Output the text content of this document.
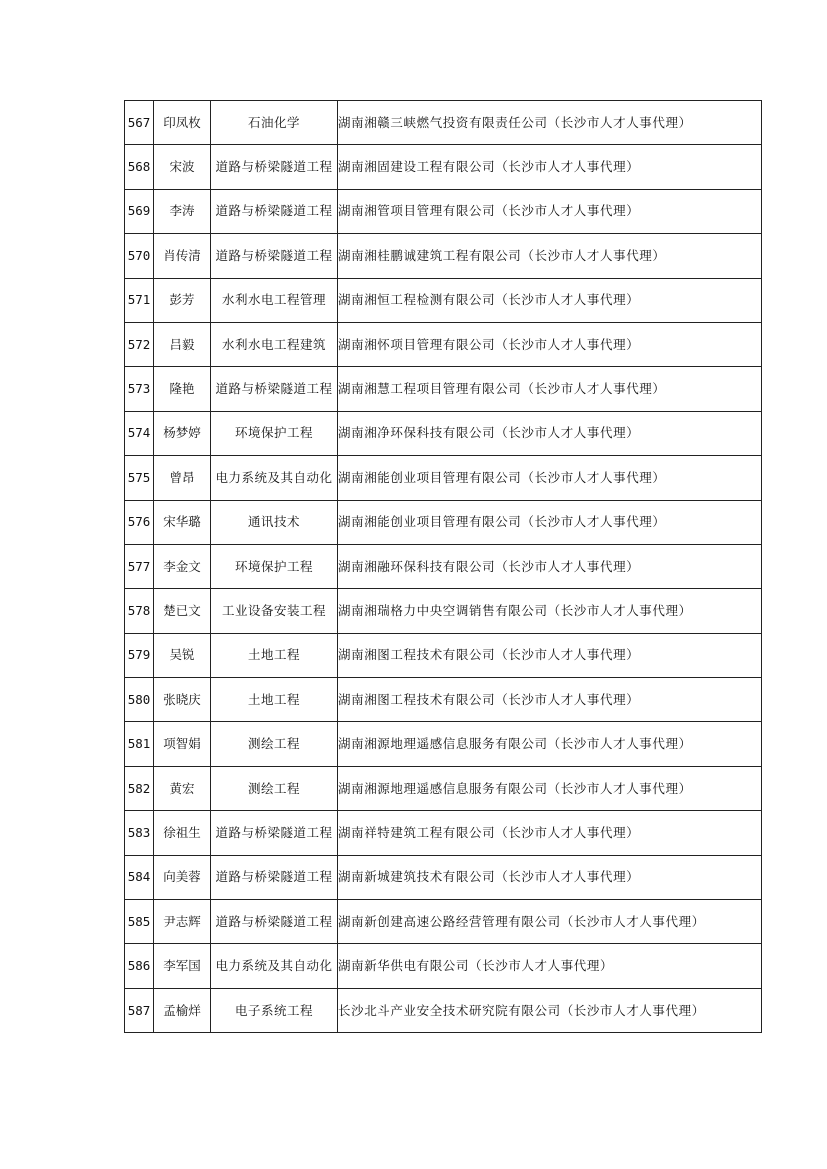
567	印凤枚	石油化学	湖南湘赣三峡燃气投资有限责任公司（长沙市人才人事代理）
568	宋波	道路与桥梁隧道工程	湖南湘固建设工程有限公司（长沙市人才人事代理）
569	李涛	道路与桥梁隧道工程	湖南湘管项目管理有限公司（长沙市人才人事代理）
570	肖传清	道路与桥梁隧道工程	湖南湘桂鹏诚建筑工程有限公司（长沙市人才人事代理）
571	彭芳	水利水电工程管理	湖南湘恒工程检测有限公司（长沙市人才人事代理）
572	吕毅	水利水电工程建筑	湖南湘怀项目管理有限公司（长沙市人才人事代理）
573	隆艳	道路与桥梁隧道工程	湖南湘慧工程项目管理有限公司（长沙市人才人事代理）
574	杨梦婷	环境保护工程	湖南湘净环保科技有限公司（长沙市人才人事代理）
575	曾昂	电力系统及其自动化	湖南湘能创业项目管理有限公司（长沙市人才人事代理）
576	宋华璐	通讯技术	湖南湘能创业项目管理有限公司（长沙市人才人事代理）
577	李金文	环境保护工程	湖南湘融环保科技有限公司（长沙市人才人事代理）
578	楚已文	工业设备安装工程	湖南湘瑞格力中央空调销售有限公司（长沙市人才人事代理）
579	吴锐	土地工程	湖南湘图工程技术有限公司（长沙市人才人事代理）
580	张晓庆	土地工程	湖南湘图工程技术有限公司（长沙市人才人事代理）
581	项智娟	测绘工程	湖南湘源地理遥感信息服务有限公司（长沙市人才人事代理）
582	黄宏	测绘工程	湖南湘源地理遥感信息服务有限公司（长沙市人才人事代理）
583	徐祖生	道路与桥梁隧道工程	湖南祥特建筑工程有限公司（长沙市人才人事代理）
584	向美蓉	道路与桥梁隧道工程	湖南新城建筑技术有限公司（长沙市人才人事代理）
585	尹志辉	道路与桥梁隧道工程	湖南新创建高速公路经营管理有限公司（长沙市人才人事代理）
586	李军国	电力系统及其自动化	湖南新华供电有限公司（长沙市人才人事代理）
587	孟榆烊	电子系统工程	长沙北斗产业安全技术研究院有限公司（长沙市人才人事代理）
